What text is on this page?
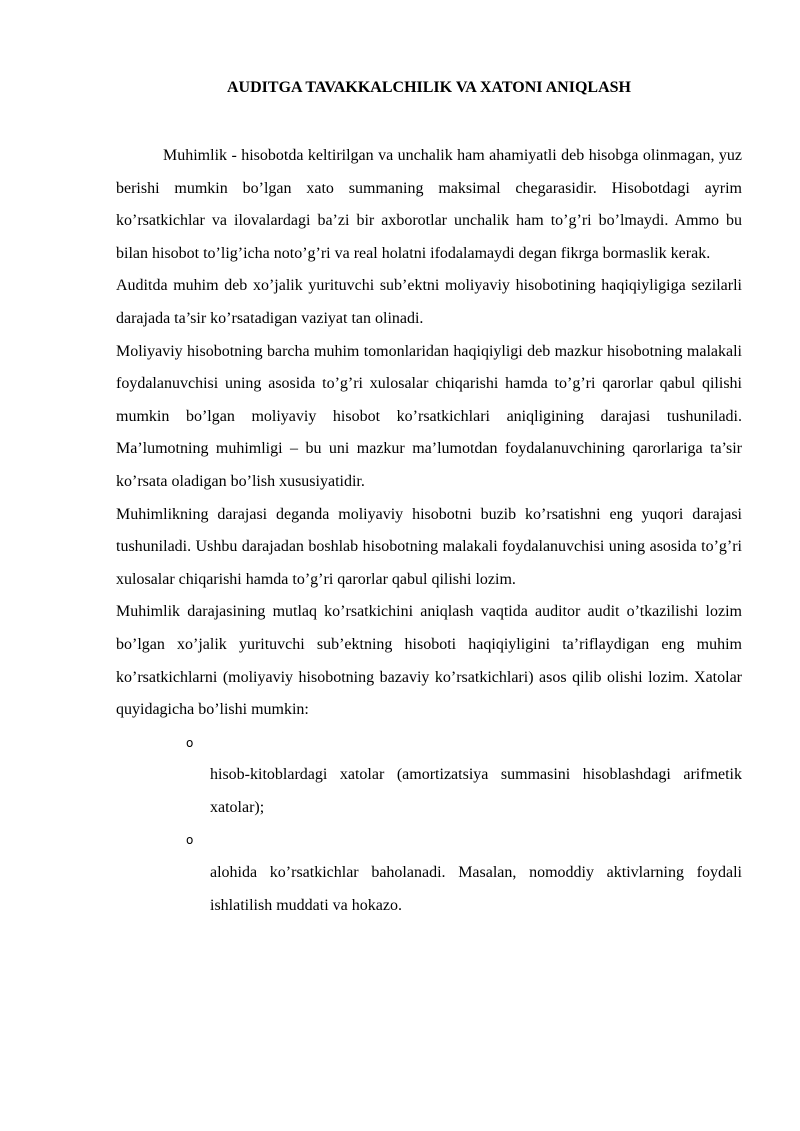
AUDITGA TAVAKKALCHILIK VA XATONI ANIQLASH

Muhimlik - hisobotda keltirilgan va unchalik ham ahamiyatli deb hisobga olinmagan, yuz berishi mumkin bo’lgan xato summaning maksimal chegarasidir. Hisobotdagi ayrim ko’rsatkichlar va ilovalardagi ba’zi bir axborotlar unchalik ham to’g’ri bo’lmaydi. Ammo bu bilan hisobot to’lig’icha noto’g’ri va real holatni ifodalamaydi degan fikrga bormaslik kerak.

Auditda muhim deb xo’jalik yurituvchi sub’ektni moliyaviy hisobotining haqiqiyligiga sezilarli darajada ta’sir ko’rsatadigan vaziyat tan olinadi.

Moliyaviy hisobotning barcha muhim tomonlaridan haqiqiyligi deb mazkur hisobotning malakali foydalanuvchisi uning asosida to’g’ri xulosalar chiqarishi hamda to’g’ri qarorlar qabul qilishi mumkin bo’lgan moliyaviy hisobot ko’rsatkichlari aniqligining darajasi tushuniladi. Ma’lumotning muhimligi – bu uni mazkur ma’lumotdan foydalanuvchining qarorlariga ta’sir ko’rsata oladigan bo’lish xususiyatidir.

Muhimlikning darajasi deganda moliyaviy hisobotni buzib ko’rsatishni eng yuqori darajasi tushuniladi. Ushbu darajadan boshlab hisobotning malakali foydalanuvchisi uning asosida to’g’ri xulosalar chiqarishi hamda to’g’ri qarorlar qabul qilishi lozim.

Muhimlik darajasining mutlaq ko’rsatkichini aniqlash vaqtida auditor audit o’tkazilishi lozim bo’lgan xo’jalik yurituvchi sub’ektning hisoboti haqiqiyligini ta’riflaydigan eng muhim ko’rsatkichlarni (moliyaviy hisobotning bazaviy ko’rsatkichlari) asos qilib olishi lozim. Xatolar quyidagicha bo’lishi mumkin:

o
hisob-kitoblardagi xatolar (amortizatsiya summasini hisoblashdagi arifmetik xatolar);
o
alohida ko’rsatkichlar baholanadi. Masalan, nomoddiy aktivlarning foydali ishlatilish muddati va hokazo.
